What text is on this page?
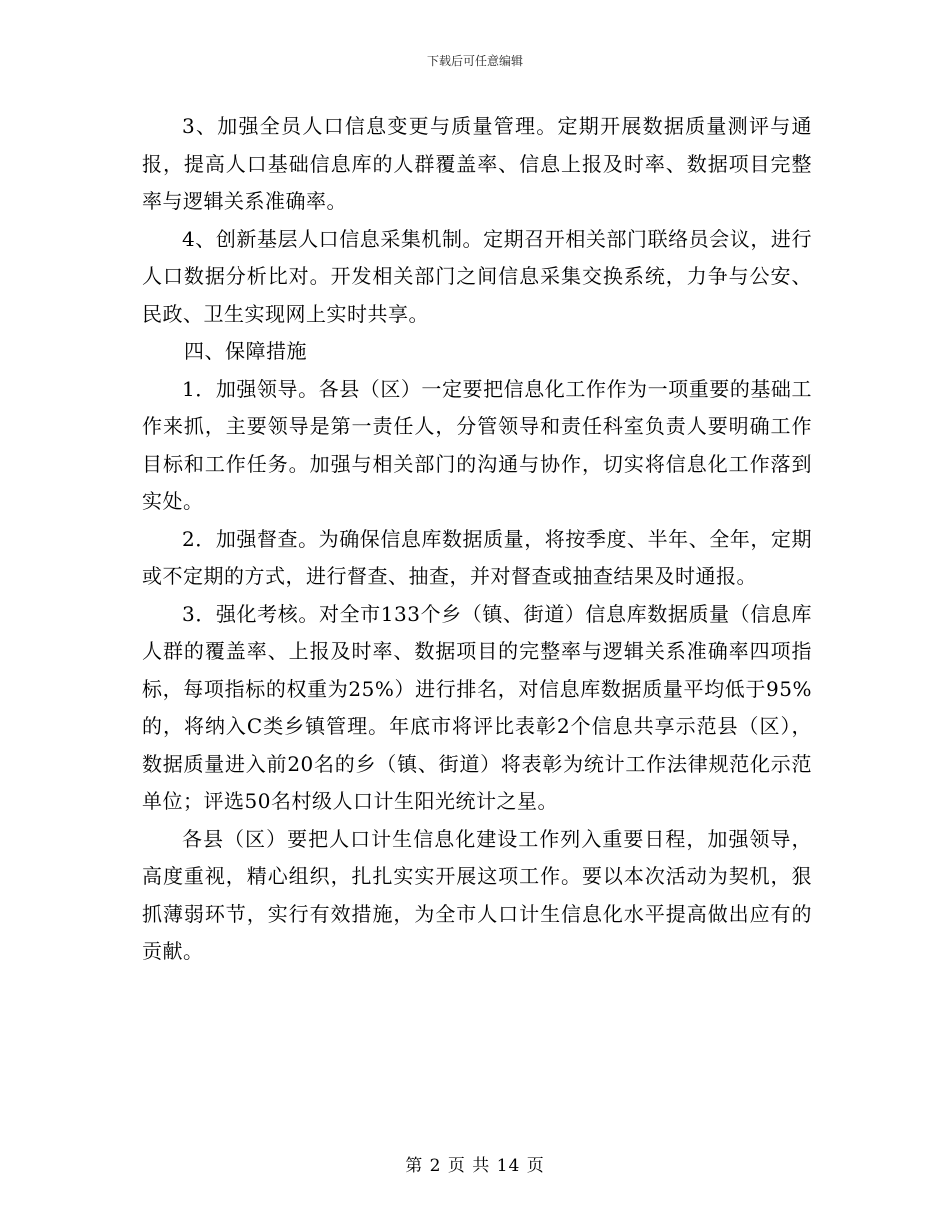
下载后可任意编辑

3、加强全员人口信息变更与质量管理。定期开展数据质量测评与通报，提高人口基础信息库的人群覆盖率、信息上报及时率、数据项目完整率与逻辑关系准确率。

4、创新基层人口信息采集机制。定期召开相关部门联络员会议，进行人口数据分析比对。开发相关部门之间信息采集交换系统，力争与公安、民政、卫生实现网上实时共享。

四、保障措施

1．加强领导。各县（区）一定要把信息化工作作为一项重要的基础工作来抓，主要领导是第一责任人，分管领导和责任科室负责人要明确工作目标和工作任务。加强与相关部门的沟通与协作，切实将信息化工作落到实处。

2．加强督查。为确保信息库数据质量，将按季度、半年、全年，定期或不定期的方式，进行督查、抽查，并对督查或抽查结果及时通报。

3．强化考核。对全市133个乡（镇、街道）信息库数据质量（信息库人群的覆盖率、上报及时率、数据项目的完整率与逻辑关系准确率四项指标，每项指标的权重为25%）进行排名，对信息库数据质量平均低于95%的，将纳入C类乡镇管理。年底市将评比表彰2个信息共享示范县（区），数据质量进入前20名的乡（镇、街道）将表彰为统计工作法律规范化示范单位；评选50名村级人口计生阳光统计之星。

各县（区）要把人口计生信息化建设工作列入重要日程，加强领导，高度重视，精心组织，扎扎实实开展这项工作。要以本次活动为契机，狠抓薄弱环节，实行有效措施，为全市人口计生信息化水平提高做出应有的贡献。

第 2 页 共 14 页
